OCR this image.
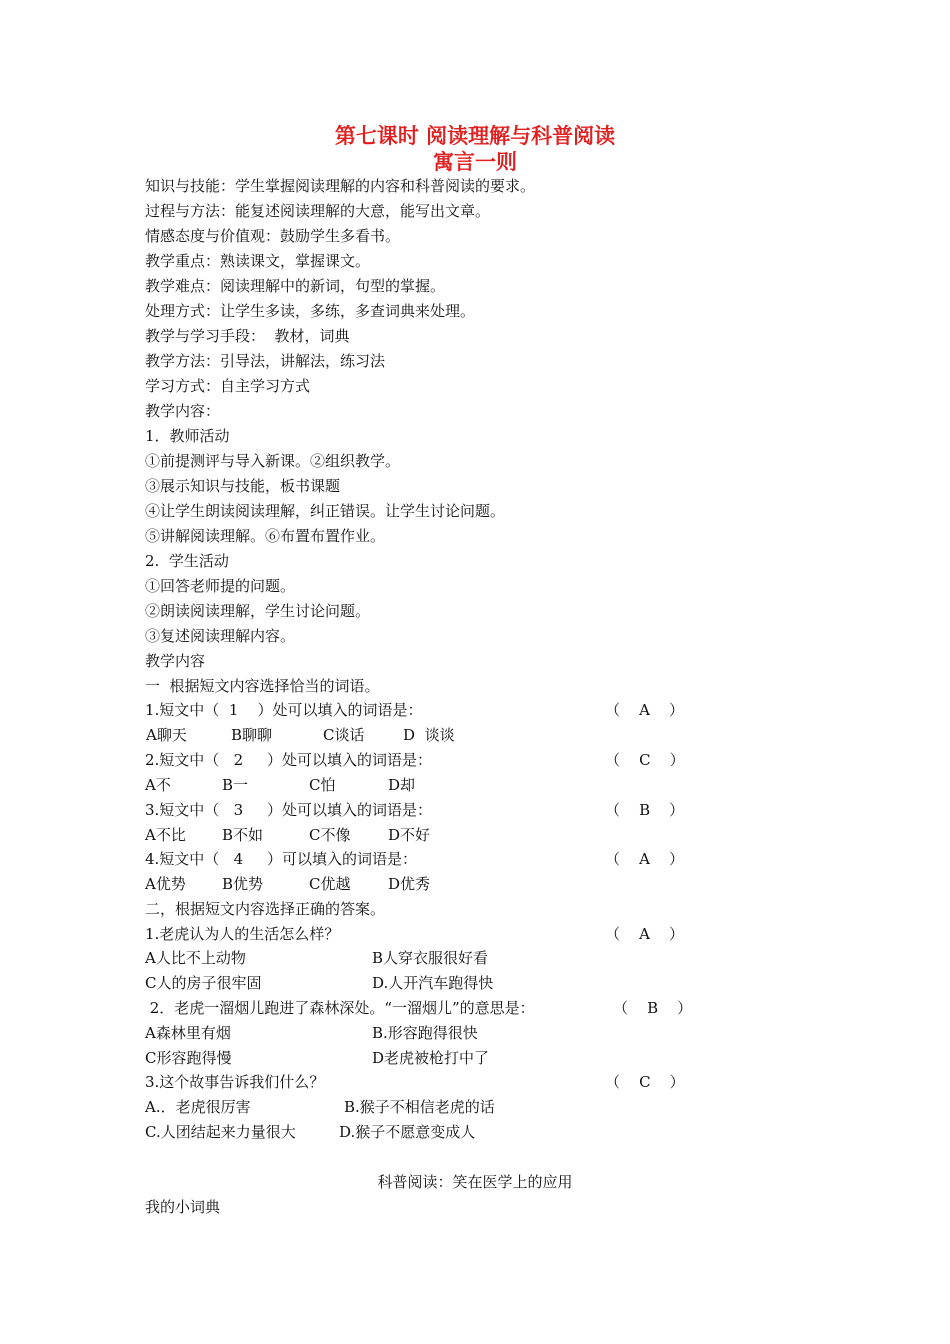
第七课时 阅读理解与科普阅读
寓言一则
知识与技能：学生掌握阅读理解的内容和科普阅读的要求。
过程与方法：能复述阅读理解的大意，能写出文章。
情感态度与价值观：鼓励学生多看书。
教学重点：熟读课文，掌握课文。
教学难点：阅读理解中的新词，句型的掌握。
处理方式：让学生多读，多练，多查词典来处理。
教学与学习手段：  教材，词典
教学方法：引导法，讲解法，练习法
学习方式：自主学习方式
教学内容：
1．教师活动
①前提测评与导入新课。②组织教学。
③展示知识与技能，板书课题
④让学生朗读阅读理解，纠正错误。让学生讨论问题。
⑤讲解阅读理解。⑥布置布置作业。
2.  学生活动
①回答老师提的问题。
②朗读阅读理解，学生讨论问题。
③复述阅读理解内容。
教学内容
一  根据短文内容选择恰当的词语。
1.短文中（  1    ）处可以填入的词语是：	（    A    ）
A聊天	B聊聊	C谈话	D  谈谈
2.短文中（   2     ）处可以填入的词语是：	（    C    ）
A不	B一	C怕	D却
3.短文中（   3     ）处可以填入的词语是：	（    B    ）
A不比 B不如	C不像	D不好
4.短文中（   4     ）可以填入的词语是：	（    A    ）
A优势 B优势	C优越	D优秀
二，根据短文内容选择正确的答案。
1.老虎认为人的生活怎么样？	（    A    ）
A人比不上动物	B人穿衣服很好看
C人的房子很牢固	D.人开汽车跑得快
2．老虎一溜烟儿跑进了森林深处。“一溜烟儿”的意思是：	（    B    ）
A森林里有烟	B.形容跑得很快
C形容跑得慢	D老虎被枪打中了
3.这个故事告诉我们什么？	（    C    ）
A.．老虎很厉害	B.猴子不相信老虎的话
C.人团结起来力量很大	D.猴子不愿意变成人
科普阅读：笑在医学上的应用
我的小词典
